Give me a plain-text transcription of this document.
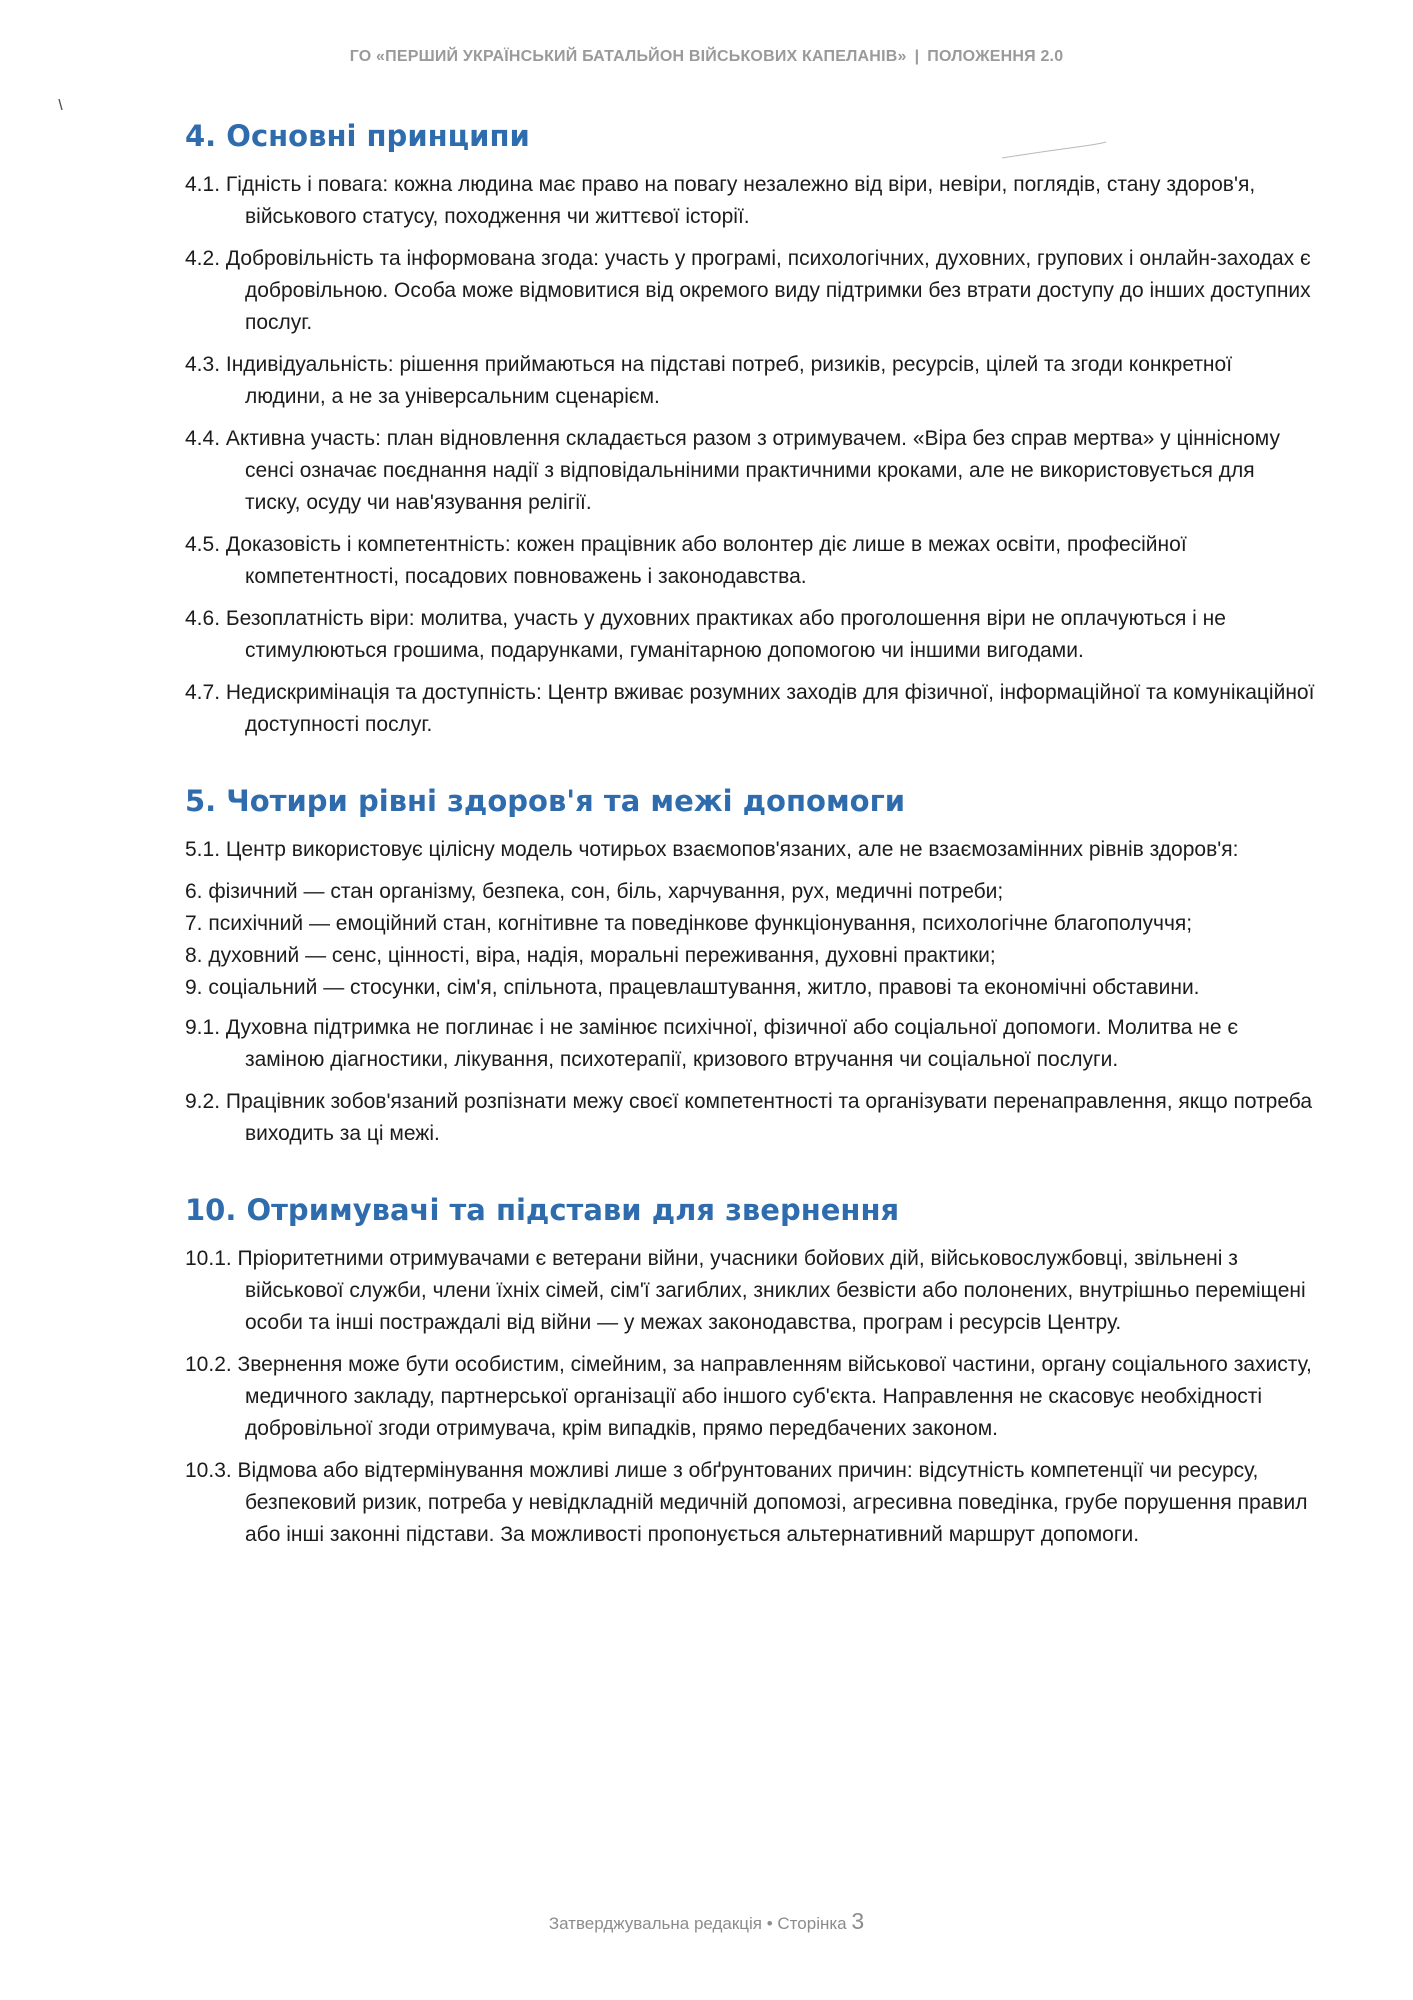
ГО «ПЕРШИЙ УКРАЇНСЬКИЙ БАТАЛЬЙОН ВІЙСЬКОВИХ КАПЕЛАНІВ» | ПОЛОЖЕННЯ 2.0
4. Основні принципи

4.1. Гідність і повага: кожна людина має право на повагу незалежно від віри, невіри, поглядів, стану здоров'я, військового статусу, походження чи життєвої історії.

4.2. Добровільність та інформована згода: участь у програмі, психологічних, духовних, групових і онлайн-заходах є добровільною. Особа може відмовитися від окремого виду підтримки без втрати доступу до інших доступних послуг.

4.3. Індивідуальність: рішення приймаються на підставі потреб, ризиків, ресурсів, цілей та згоди конкретної людини, а не за універсальним сценарієм.

4.4. Активна участь: план відновлення складається разом з отримувачем. «Віра без справ мертва» у ціннісному сенсі означає поєднання надії з відповідальніними практичними кроками, але не використовується для тиску, осуду чи нав'язування релігії.

4.5. Доказовість і компетентність: кожен працівник або волонтер діє лише в межах освіти, професійної компетентності, посадових повноважень і законодавства.

4.6. Безоплатність віри: молитва, участь у духовних практиках або проголошення віри не оплачуються і не стимулюються грошима, подарунками, гуманітарною допомогою чи іншими вигодами.

4.7. Недискримінація та доступність: Центр вживає розумних заходів для фізичної, інформаційної та комунікаційної доступності послуг.

5. Чотири рівні здоров'я та межі допомоги

5.1. Центр використовує цілісну модель чотирьох взаємопов'язаних, але не взаємозамінних рівнів здоров'я:

6. фізичний — стан організму, безпека, сон, біль, харчування, рух, медичні потреби;

7. психічний — емоційний стан, когнітивне та поведінкове функціонування, психологічне благополуччя;

8. духовний — сенс, цінності, віра, надія, моральні переживання, духовні практики;

9. соціальний — стосунки, сім'я, спільнота, працевлаштування, житло, правові та економічні обставини.

9.1. Духовна підтримка не поглинає і не замінює психічної, фізичної або соціальної допомоги. Молитва не є заміною діагностики, лікування, психотерапії, кризового втручання чи соціальної послуги.

9.2. Працівник зобов'язаний розпізнати межу своєї компетентності та організувати перенаправлення, якщо потреба виходить за ці межі.

10. Отримувачі та підстави для звернення

10.1. Пріоритетними отримувачами є ветерани війни, учасники бойових дій, військовослужбовці, звільнені з військової служби, члени їхніх сімей, сім'ї загиблих, зниклих безвісти або полонених, внутрішньо переміщені особи та інші постраждалі від війни — у межах законодавства, програм і ресурсів Центру.

10.2. Звернення може бути особистим, сімейним, за направленням військової частини, органу соціального захисту, медичного закладу, партнерської організації або іншого суб'єкта. Направлення не скасовує необхідності добровільної згоди отримувача, крім випадків, прямо передбачених законом.

10.3. Відмова або відтермінування можливі лише з обґрунтованих причин: відсутність компетенції чи ресурсу, безпековий ризик, потреба у невідкладній медичній допомозі, агресивна поведінка, грубе порушення правил або інші законні підстави. За можливості пропонується альтернативний маршрут допомоги.

Затверджувальна редакція • Сторінка 3
